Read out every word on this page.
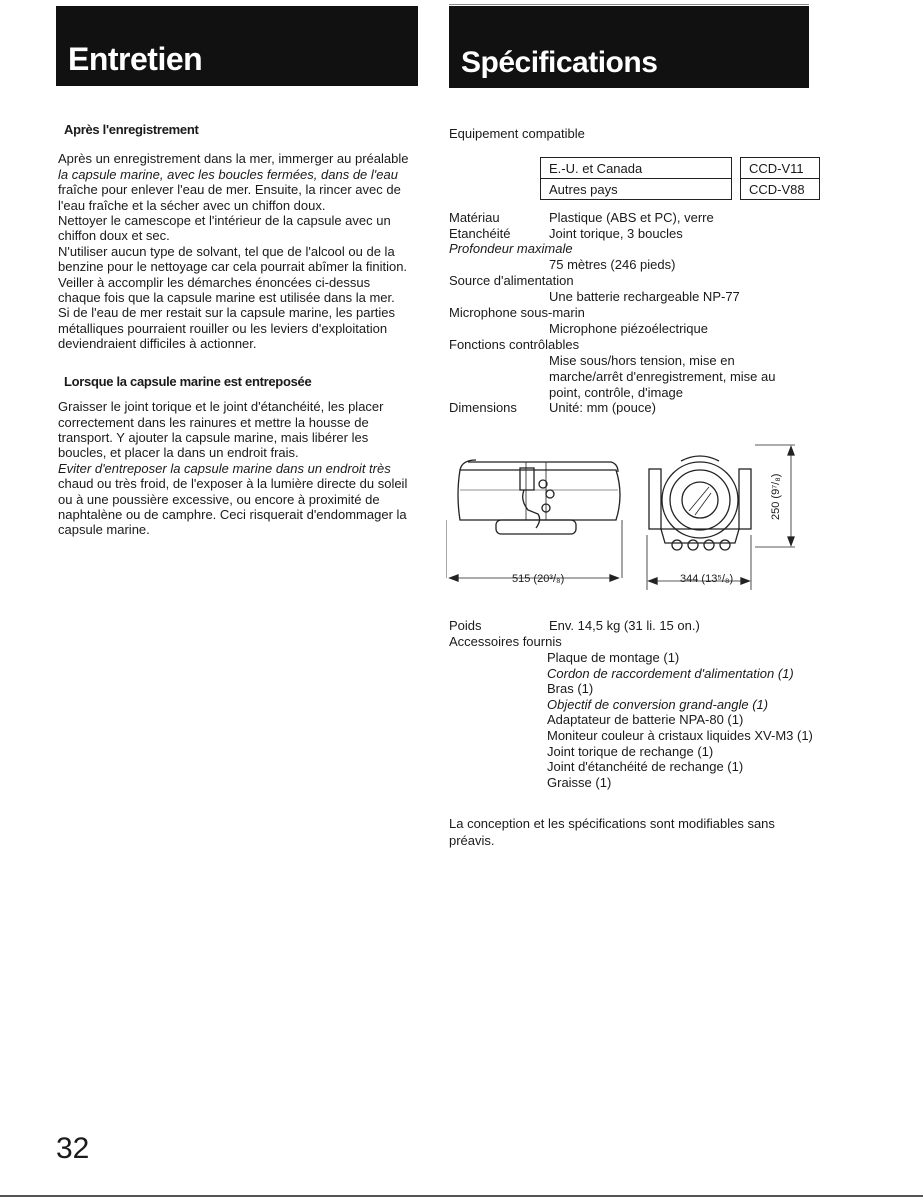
Entretien	Spécifications
Après l'enregistrement

Après un enregistrement dans la mer, immerger au préalable
la capsule marine, avec les boucles fermées, dans de l'eau
fraîche pour enlever l'eau de mer. Ensuite, la rincer avec de
l'eau fraîche et la sécher avec un chiffon doux.
Nettoyer le camescope et l'intérieur de la capsule avec un
chiffon doux et sec.
N'utiliser aucun type de solvant, tel que de l'alcool ou de la
benzine pour le nettoyage car cela pourrait abîmer la finition.
Veiller à accomplir les démarches énoncées ci-dessus
chaque fois que la capsule marine est utilisée dans la mer.
Si de l'eau de mer restait sur la capsule marine, les parties
métalliques pourraient rouiller ou les leviers d'exploitation
deviendraient difficiles à actionner.

Lorsque la capsule marine est entreposée

Graisser le joint torique et le joint d'étanchéité, les placer
correctement dans les rainures et mettre la housse de
transport. Y ajouter la capsule marine, mais libérer les
boucles, et placer la dans un endroit frais.
Eviter d'entreposer la capsule marine dans un endroit très
chaud ou très froid, de l'exposer à la lumière directe du soleil
ou à une poussière excessive, ou encore à proximité de
naphtalène ou de camphre. Ceci risquerait d'endommager la
capsule marine.

Equipement compatible
E.-U. et Canada		CCD-V11
Autres pays		CCD-V88
Matériau	Plastique (ABS et PC), verre
Etanchéité	Joint torique, 3 boucles
Profondeur maximale
75 mètres (246 pieds)
Source d'alimentation
Une batterie rechargeable NP-77
Microphone sous-marin
Microphone piézoélectrique
Fonctions contrôlables
Mise sous/hors tension, mise en
marche/arrêt d'enregistrement, mise au
point, contrôle, d'image
Dimensions Unité: mm (pouce)
515 (20³/₈)	344 (13⁵/₈)
250 (9⁷/₈)
Poids	Env. 14,5 kg (31 li. 15 on.)
Accessoires fournis
Plaque de montage (1)
Cordon de raccordement d'alimentation (1)
Bras (1)
Objectif de conversion grand-angle (1)
Adaptateur de batterie NPA-80 (1)
Moniteur couleur à cristaux liquides XV-M3 (1)
Joint torique de rechange (1)
Joint d'étanchéité de rechange (1)
Graisse (1)
La conception et les spécifications sont modifiables sans
préavis.
32
